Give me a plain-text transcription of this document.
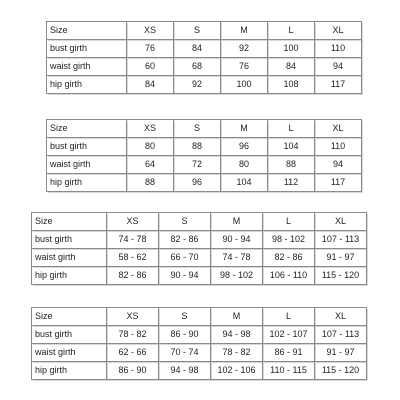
Size	XS	S	M	L	XL
bust girth	76	84	92	100	110
waist girth	60	68	76	84	94
hip girth	84	92	100	108	117
Size	XS	S	M	L	XL
bust girth	80	88	96	104	110
waist girth	64	72	80	88	94
hip girth	88	96	104	112	117
Size	XS	S	M	L	XL
bust girth	74 - 78	82 - 86	90 - 94	98 - 102	107 - 113
waist girth	58 - 62	66 - 70	74 - 78	82 - 86	91 - 97
hip girth	82 - 86	90 - 94	98 - 102	106 - 110	115 - 120
Size	XS	S	M	L	XL
bust girth	78 - 82	86 - 90	94 - 98	102 - 107	107 - 113
waist girth	62 - 66	70 - 74	78 - 82	86 - 91	91 - 97
hip girth	86 - 90	94 - 98	102 - 106	110 - 115	115 - 120
